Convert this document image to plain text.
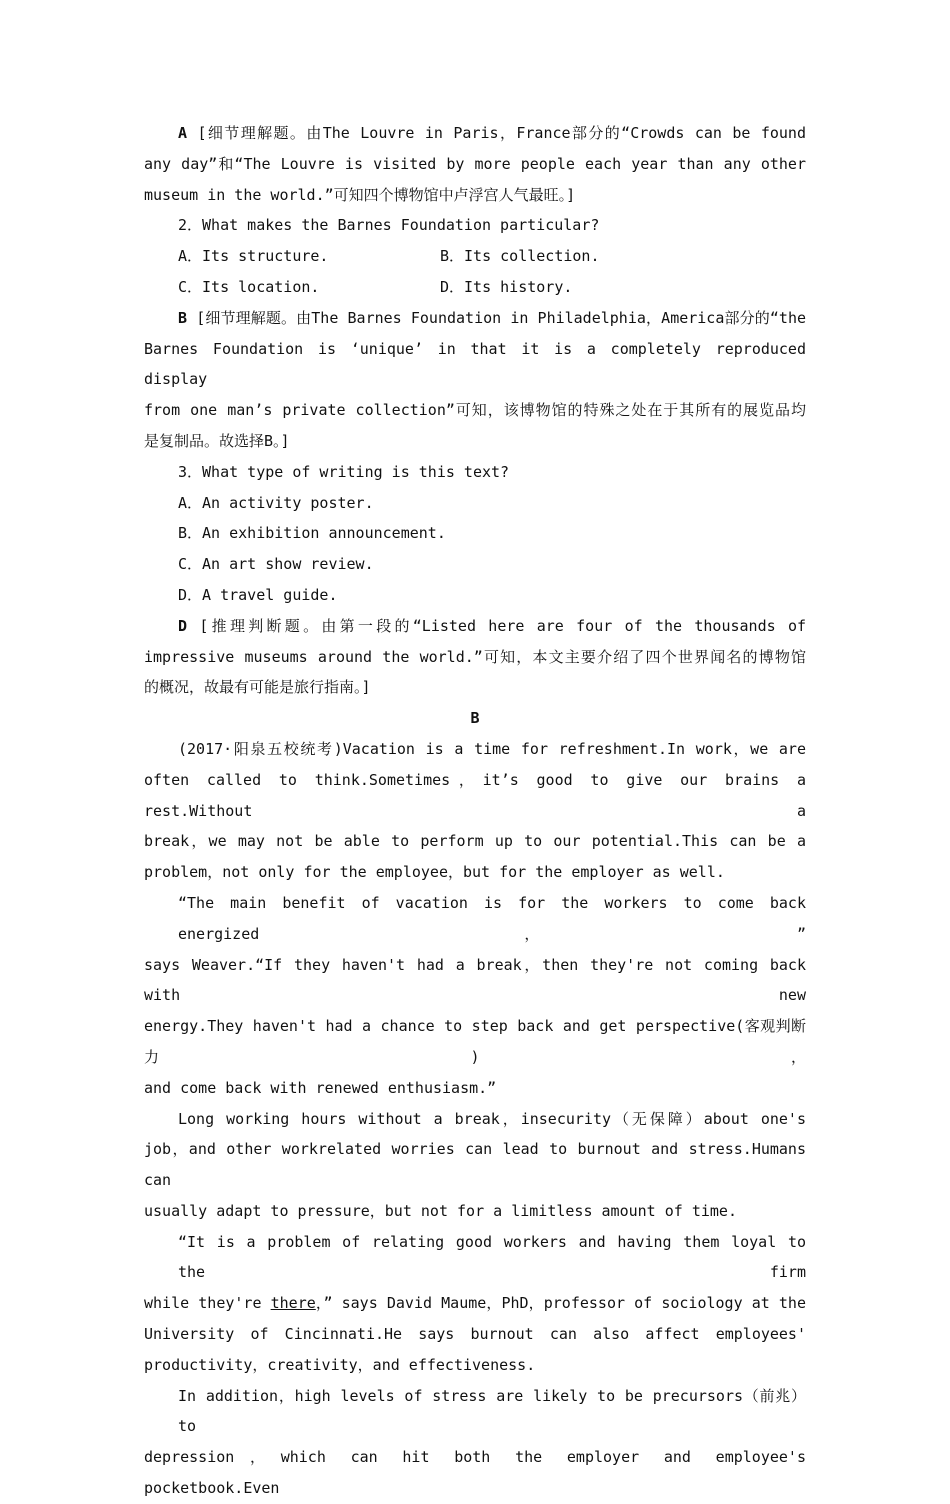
A [细节理解题。由The Louvre in Paris，France部分的“Crowds can be found

any day”和“The Louvre is visited by more people each year than any other

museum in the world.”可知四个博物馆中卢浮宫人气最旺。]

2．What makes the Barnes Foundation particular?

A．Its structure.	B．Its collection.
C．Its location.	D．Its history.

B [细节理解题。由The Barnes Foundation in Philadelphia，America部分的“the

Barnes Foundation is ‘unique’ in that it is a completely reproduced display

from one man’s private collection”可知，该博物馆的特殊之处在于其所有的展览品均

是复制品。故选择B。]

3．What type of writing is this text?

A．An activity poster.

B．An exhibition announcement.

C．An art show review.

D．A travel guide.

D [推理判断题。由第一段的“Listed here are four of the thousands of

impressive museums around the world.”可知，本文主要介绍了四个世界闻名的博物馆

的概况，故最有可能是旅行指南。]

B

(2017·阳泉五校统考)Vacation is a time for refreshment.In work，we are

often called to think.Sometimes，it’s good to give our brains a rest.Without a

break，we may not be able to perform up to our potential.This can be a

problem，not only for the employee，but for the employer as well.

“The main benefit of vacation is for the workers to come back energized，”

says Weaver.“If they haven't had a break，then they're not coming back with new

energy.They haven't had a chance to step back and get perspective(客观判断力)，

and come back with renewed enthusiasm.”

Long working hours without a break，insecurity（无保障）about one's

job，and other workrelated worries can lead to burnout and stress.Humans can

usually adapt to pressure，but not for a limitless amount of time.

“It is a problem of relating good workers and having them loyal to the firm

while they're there，” says David Maume，PhD，professor of sociology at the

University of Cincinnati.He says burnout can also affect employees'

productivity，creativity，and effectiveness.

In addition，high levels of stress are likely to be precursors（前兆）to

depression，which can hit both the employer and employee's pocketbook.Even
